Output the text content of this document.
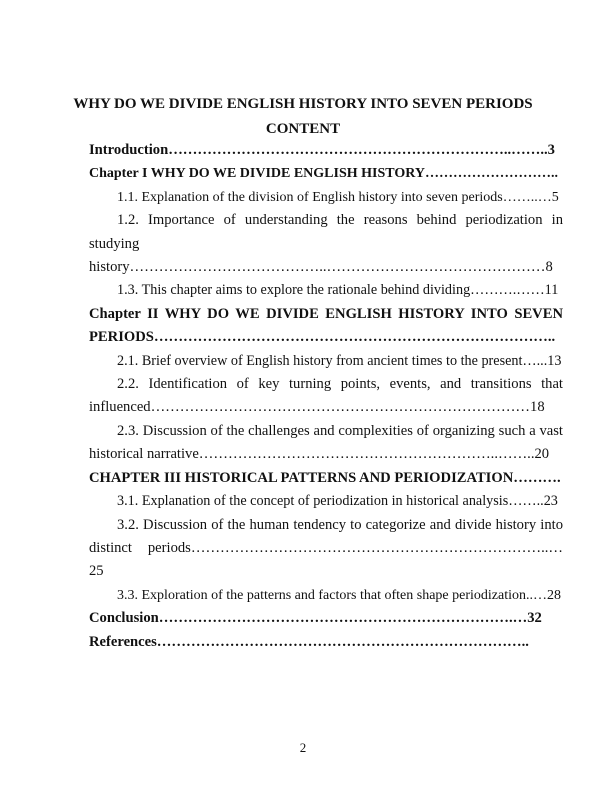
WHY DO WE DIVIDE ENGLISH HISTORY INTO SEVEN PERIODS
CONTENT
Introduction……………………………………………………………..……..3
Chapter I WHY DO WE DIVIDE ENGLISH HISTORY………………………..
1.1. Explanation of the division of English history into seven periods……..…5
1.2. Importance of understanding the reasons behind periodization in studying history…………………………………..………………………………………8
1.3. This chapter aims to explore the rationale behind dividing……….……11
Chapter II WHY DO WE DIVIDE ENGLISH HISTORY INTO SEVEN PERIODS………………………………………………………………………..
2.1. Brief overview of English history from ancient times to the present…...13
2.2. Identification of key turning points, events, and transitions that influenced……………………………………………………………………18
2.3. Discussion of the challenges and complexities of organizing such a vast historical narrative……………………………………………………..……..20
CHAPTER III HISTORICAL PATTERNS AND PERIODIZATION……….
3.1. Explanation of the concept of periodization in historical analysis……..23
3.2. Discussion of the human tendency to categorize and divide history into distinct periods………………………………………………………………..…25
3.3. Exploration of the patterns and factors that often shape periodization..…28
Conclusion……………………………………………………………….…32
References…………………………………………………………………..
2
